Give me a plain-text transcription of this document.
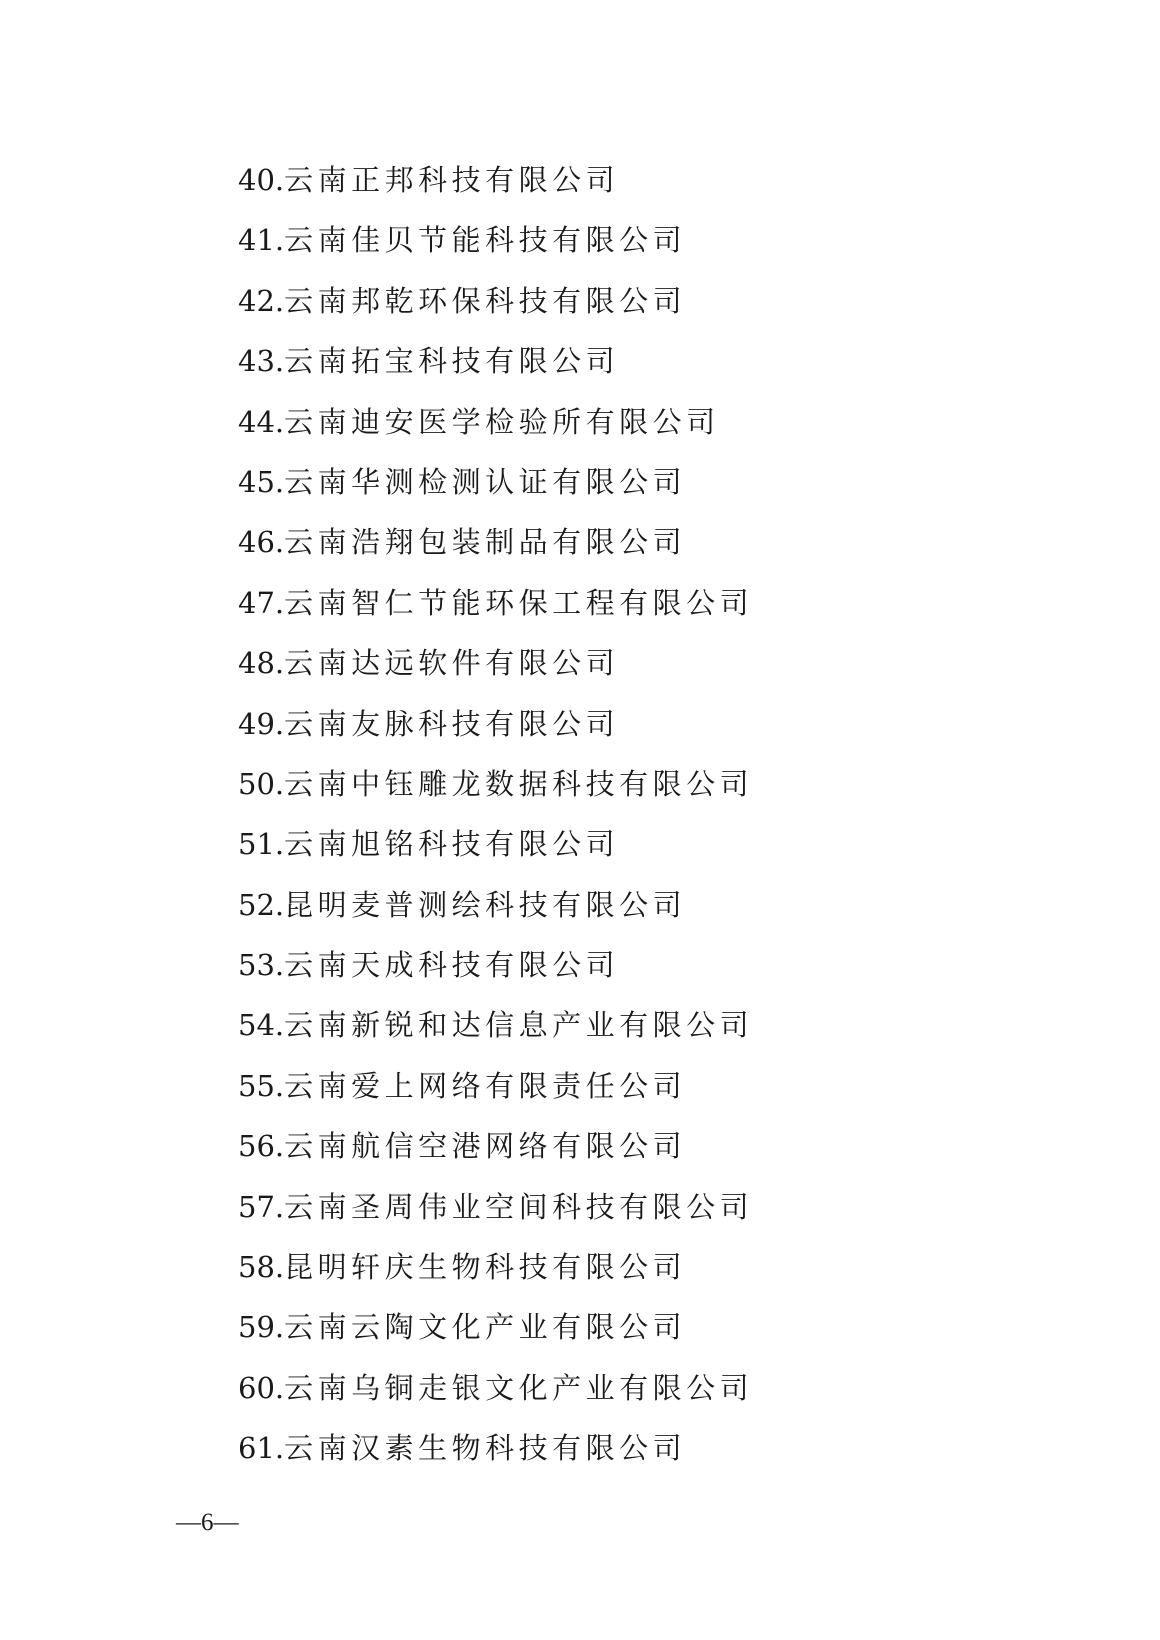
40.云南正邦科技有限公司
41.云南佳贝节能科技有限公司
42.云南邦乾环保科技有限公司
43.云南拓宝科技有限公司
44.云南迪安医学检验所有限公司
45.云南华测检测认证有限公司
46.云南浩翔包装制品有限公司
47.云南智仁节能环保工程有限公司
48.云南达远软件有限公司
49.云南友脉科技有限公司
50.云南中钰雕龙数据科技有限公司
51.云南旭铭科技有限公司
52.昆明麦普测绘科技有限公司
53.云南天成科技有限公司
54.云南新锐和达信息产业有限公司
55.云南爱上网络有限责任公司
56.云南航信空港网络有限公司
57.云南圣周伟业空间科技有限公司
58.昆明轩庆生物科技有限公司
59.云南云陶文化产业有限公司
60.云南乌铜走银文化产业有限公司
61.云南汉素生物科技有限公司
—6—
